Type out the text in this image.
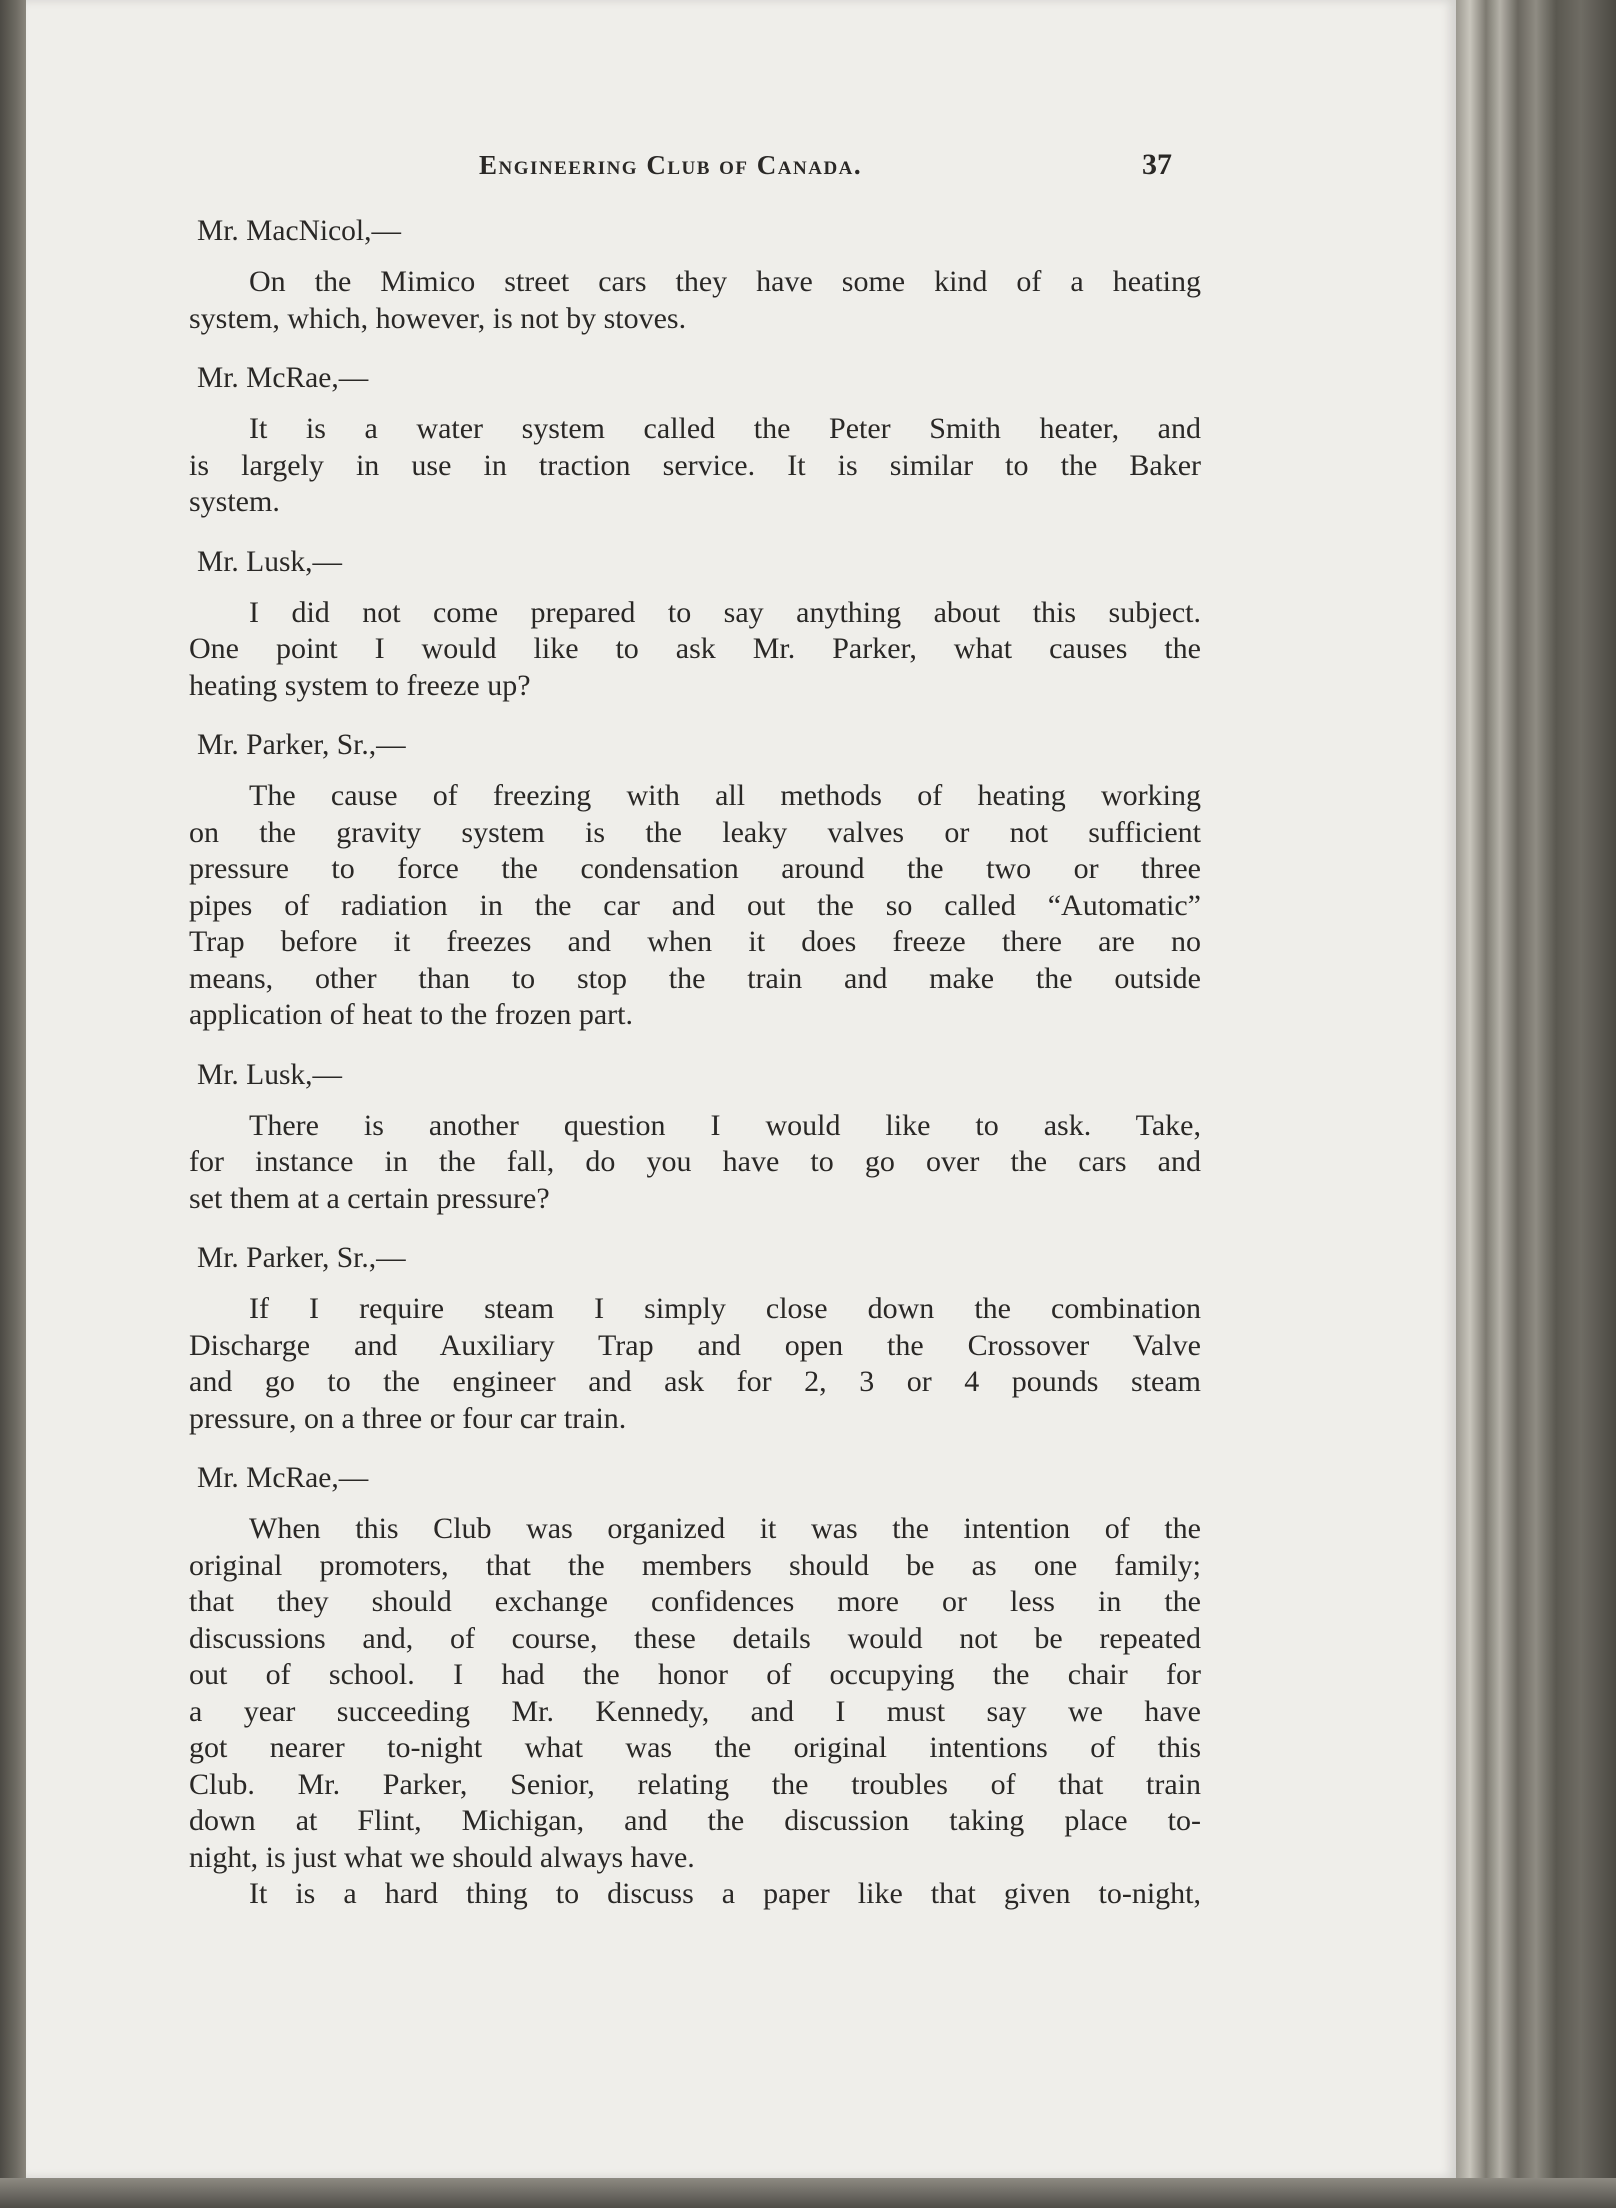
Engineering Club of Canada.	37
Mr. MacNicol,—
On the Mimico street cars they have some kind of a heating
system, which, however, is not by stoves.
Mr. McRae,—
It is a water system called the Peter Smith heater, and
is largely in use in traction service. It is similar to the Baker
system.
Mr. Lusk,—
I did not come prepared to say anything about this subject.
One point I would like to ask Mr. Parker, what causes the
heating system to freeze up?
Mr. Parker, Sr.,—
The cause of freezing with all methods of heating working
on the gravity system is the leaky valves or not sufficient
pressure to force the condensation around the two or three
pipes of radiation in the car and out the so called “Automatic”
Trap before it freezes and when it does freeze there are no
means, other than to stop the train and make the outside
application of heat to the frozen part.
Mr. Lusk,—
There is another question I would like to ask. Take,
for instance in the fall, do you have to go over the cars and
set them at a certain pressure?
Mr. Parker, Sr.,—
If I require steam I simply close down the combination
Discharge and Auxiliary Trap and open the Crossover Valve
and go to the engineer and ask for 2, 3 or 4 pounds steam
pressure, on a three or four car train.
Mr. McRae,—
When this Club was organized it was the intention of the
original promoters, that the members should be as one family;
that they should exchange confidences more or less in the
discussions and, of course, these details would not be repeated
out of school. I had the honor of occupying the chair for
a year succeeding Mr. Kennedy, and I must say we have
got nearer to-night what was the original intentions of this
Club. Mr. Parker, Senior, relating the troubles of that train
down at Flint, Michigan, and the discussion taking place to-
night, is just what we should always have.
It is a hard thing to discuss a paper like that given to-night,
